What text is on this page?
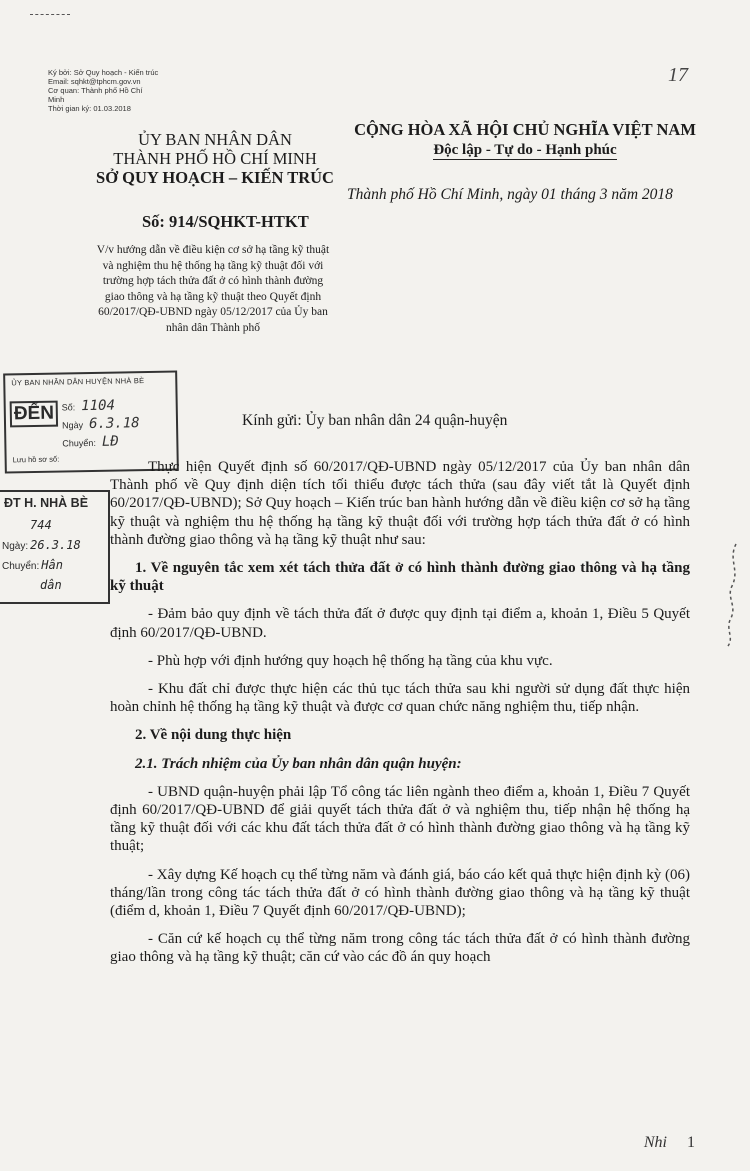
Ký bởi: Sở Quy hoạch - Kiến trúc
Email: sqhkt@tphcm.gov.vn
Cơ quan: Thành phố Hồ Chí
Minh
Thời gian ký: 01.03.2018
17
ỦY BAN NHÂN DÂN
THÀNH PHỐ HỒ CHÍ MINH
SỞ QUY HOẠCH – KIẾN TRÚC
CỘNG HÒA XÃ HỘI CHỦ NGHĨA VIỆT NAM
Độc lập - Tự do - Hạnh phúc
Thành phố Hồ Chí Minh, ngày 01 tháng 3 năm 2018
Số: 914/SQHKT-HTKT
V/v hướng dẫn về điều kiện cơ sở hạ tầng kỹ thuật và nghiệm thu hệ thống hạ tầng kỹ thuật đối với trường hợp tách thửa đất ở có hình thành đường giao thông và hạ tầng kỹ thuật theo Quyết định 60/2017/QĐ-UBND ngày 05/12/2017 của Ủy ban nhân dân Thành phố
ỦY BAN NHÂN DÂN HUYỆN NHÀ BÈ
ĐẾN Số: 1104
Ngày 6.3.18
Chuyển: LĐ
Lưu hồ sơ số:
ĐT H. NHÀ BÈ
744
Ngày: 26.3.18
Chuyển: Hân
dân
Kính gửi: Ủy ban nhân dân 24 quận-huyện

Thực hiện Quyết định số 60/2017/QĐ-UBND ngày 05/12/2017 của Ủy ban nhân dân Thành phố về Quy định diện tích tối thiểu được tách thửa (sau đây viết tắt là Quyết định 60/2017/QĐ-UBND); Sở Quy hoạch – Kiến trúc ban hành hướng dẫn về điều kiện cơ sở hạ tầng kỹ thuật và nghiệm thu hệ thống hạ tầng kỹ thuật đối với trường hợp tách thửa đất ở có hình thành đường giao thông và hạ tầng kỹ thuật như sau:

1. Về nguyên tắc xem xét tách thửa đất ở có hình thành đường giao thông và hạ tầng kỹ thuật

- Đảm bảo quy định về tách thửa đất ở được quy định tại điểm a, khoản 1, Điều 5 Quyết định 60/2017/QĐ-UBND.

- Phù hợp với định hướng quy hoạch hệ thống hạ tầng của khu vực.

- Khu đất chỉ được thực hiện các thủ tục tách thửa sau khi người sử dụng đất thực hiện hoàn chỉnh hệ thống hạ tầng kỹ thuật và được cơ quan chức năng nghiệm thu, tiếp nhận.

2. Về nội dung thực hiện

2.1. Trách nhiệm của Ủy ban nhân dân quận huyện:

- UBND quận-huyện phải lập Tổ công tác liên ngành theo điểm a, khoản 1, Điều 7 Quyết định 60/2017/QĐ-UBND để giải quyết tách thửa đất ở và nghiệm thu, tiếp nhận hệ thống hạ tầng kỹ thuật đối với các khu đất tách thửa đất ở có hình thành đường giao thông và hạ tầng kỹ thuật;

- Xây dựng Kế hoạch cụ thể từng năm và đánh giá, báo cáo kết quả thực hiện định kỳ (06) tháng/lần trong công tác tách thửa đất ở có hình thành đường giao thông và hạ tầng kỹ thuật (điểm d, khoản 1, Điều 7 Quyết định 60/2017/QĐ-UBND);

- Căn cứ kế hoạch cụ thể từng năm trong công tác tách thửa đất ở có hình thành đường giao thông và hạ tầng kỹ thuật; căn cứ vào các đồ án quy hoạch

Nhi 1
